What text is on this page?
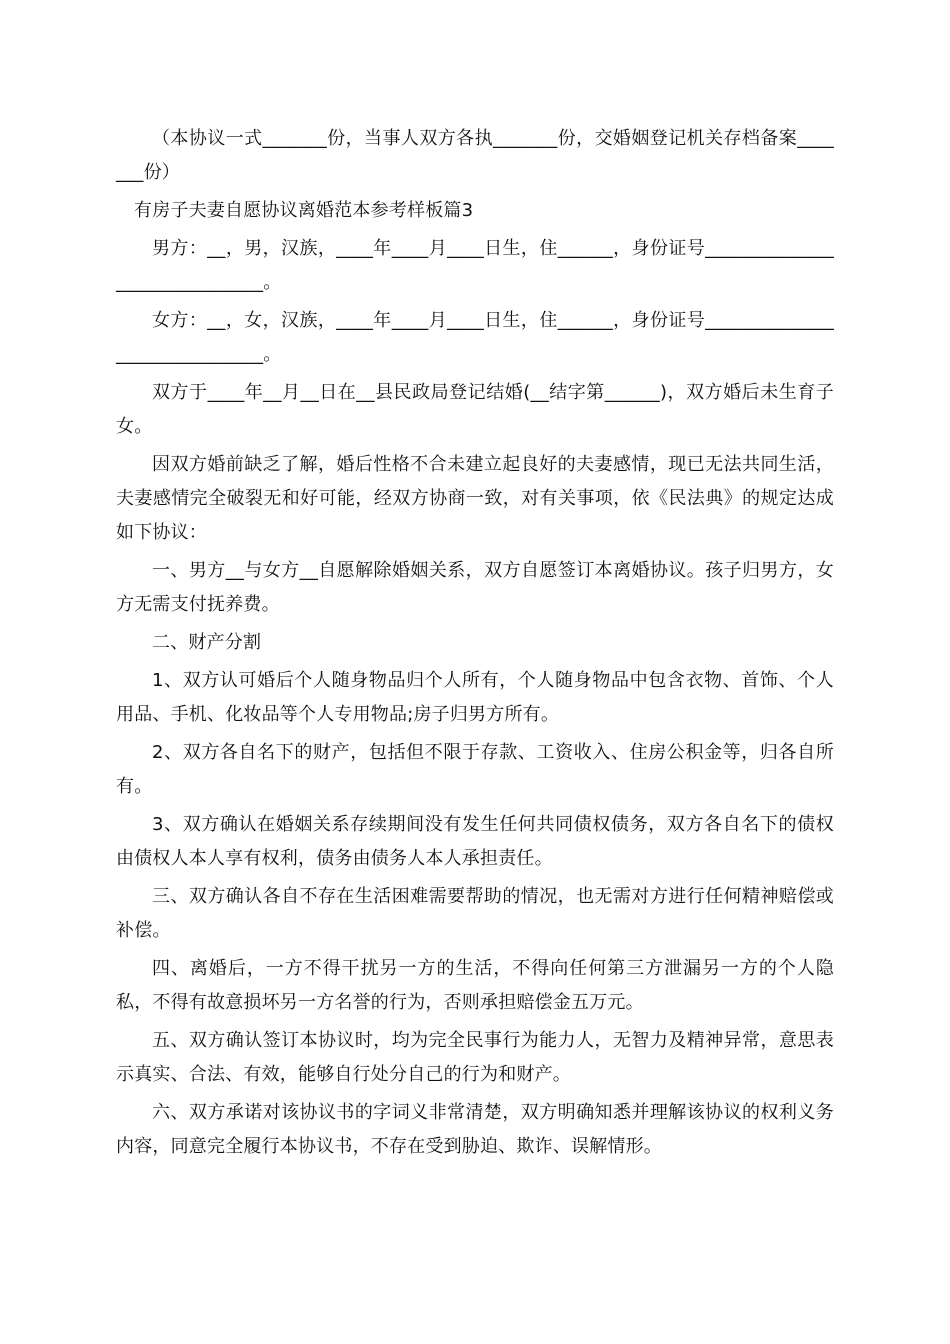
（本协议一式_______份，当事人双方各执_______份，交婚姻登记机关存档备案_______份）

有房子夫妻自愿协议离婚范本参考样板篇3

男方：__，男，汉族，____年____月____日生，住______，身份证号______________________________。

女方：__，女，汉族，____年____月____日生，住______，身份证号______________________________。

双方于____年__月__日在__县民政局登记结婚(__结字第______)，双方婚后未生育子女。

因双方婚前缺乏了解，婚后性格不合未建立起良好的夫妻感情，现已无法共同生活，夫妻感情完全破裂无和好可能，经双方协商一致，对有关事项，依《民法典》的规定达成如下协议：

一、男方__与女方__自愿解除婚姻关系，双方自愿签订本离婚协议。孩子归男方，女方无需支付抚养费。

二、财产分割

1、双方认可婚后个人随身物品归个人所有，个人随身物品中包含衣物、首饰、个人用品、手机、化妆品等个人专用物品;房子归男方所有。

2、双方各自名下的财产，包括但不限于存款、工资收入、住房公积金等，归各自所有。

3、双方确认在婚姻关系存续期间没有发生任何共同债权债务，双方各自名下的债权由债权人本人享有权利，债务由债务人本人承担责任。

三、双方确认各自不存在生活困难需要帮助的情况，也无需对方进行任何精神赔偿或补偿。

四、离婚后，一方不得干扰另一方的生活，不得向任何第三方泄漏另一方的个人隐私，不得有故意损坏另一方名誉的行为，否则承担赔偿金五万元。

五、双方确认签订本协议时，均为完全民事行为能力人，无智力及精神异常，意思表示真实、合法、有效，能够自行处分自己的行为和财产。

六、双方承诺对该协议书的字词义非常清楚，双方明确知悉并理解该协议的权利义务内容，同意完全履行本协议书，不存在受到胁迫、欺诈、误解情形。
